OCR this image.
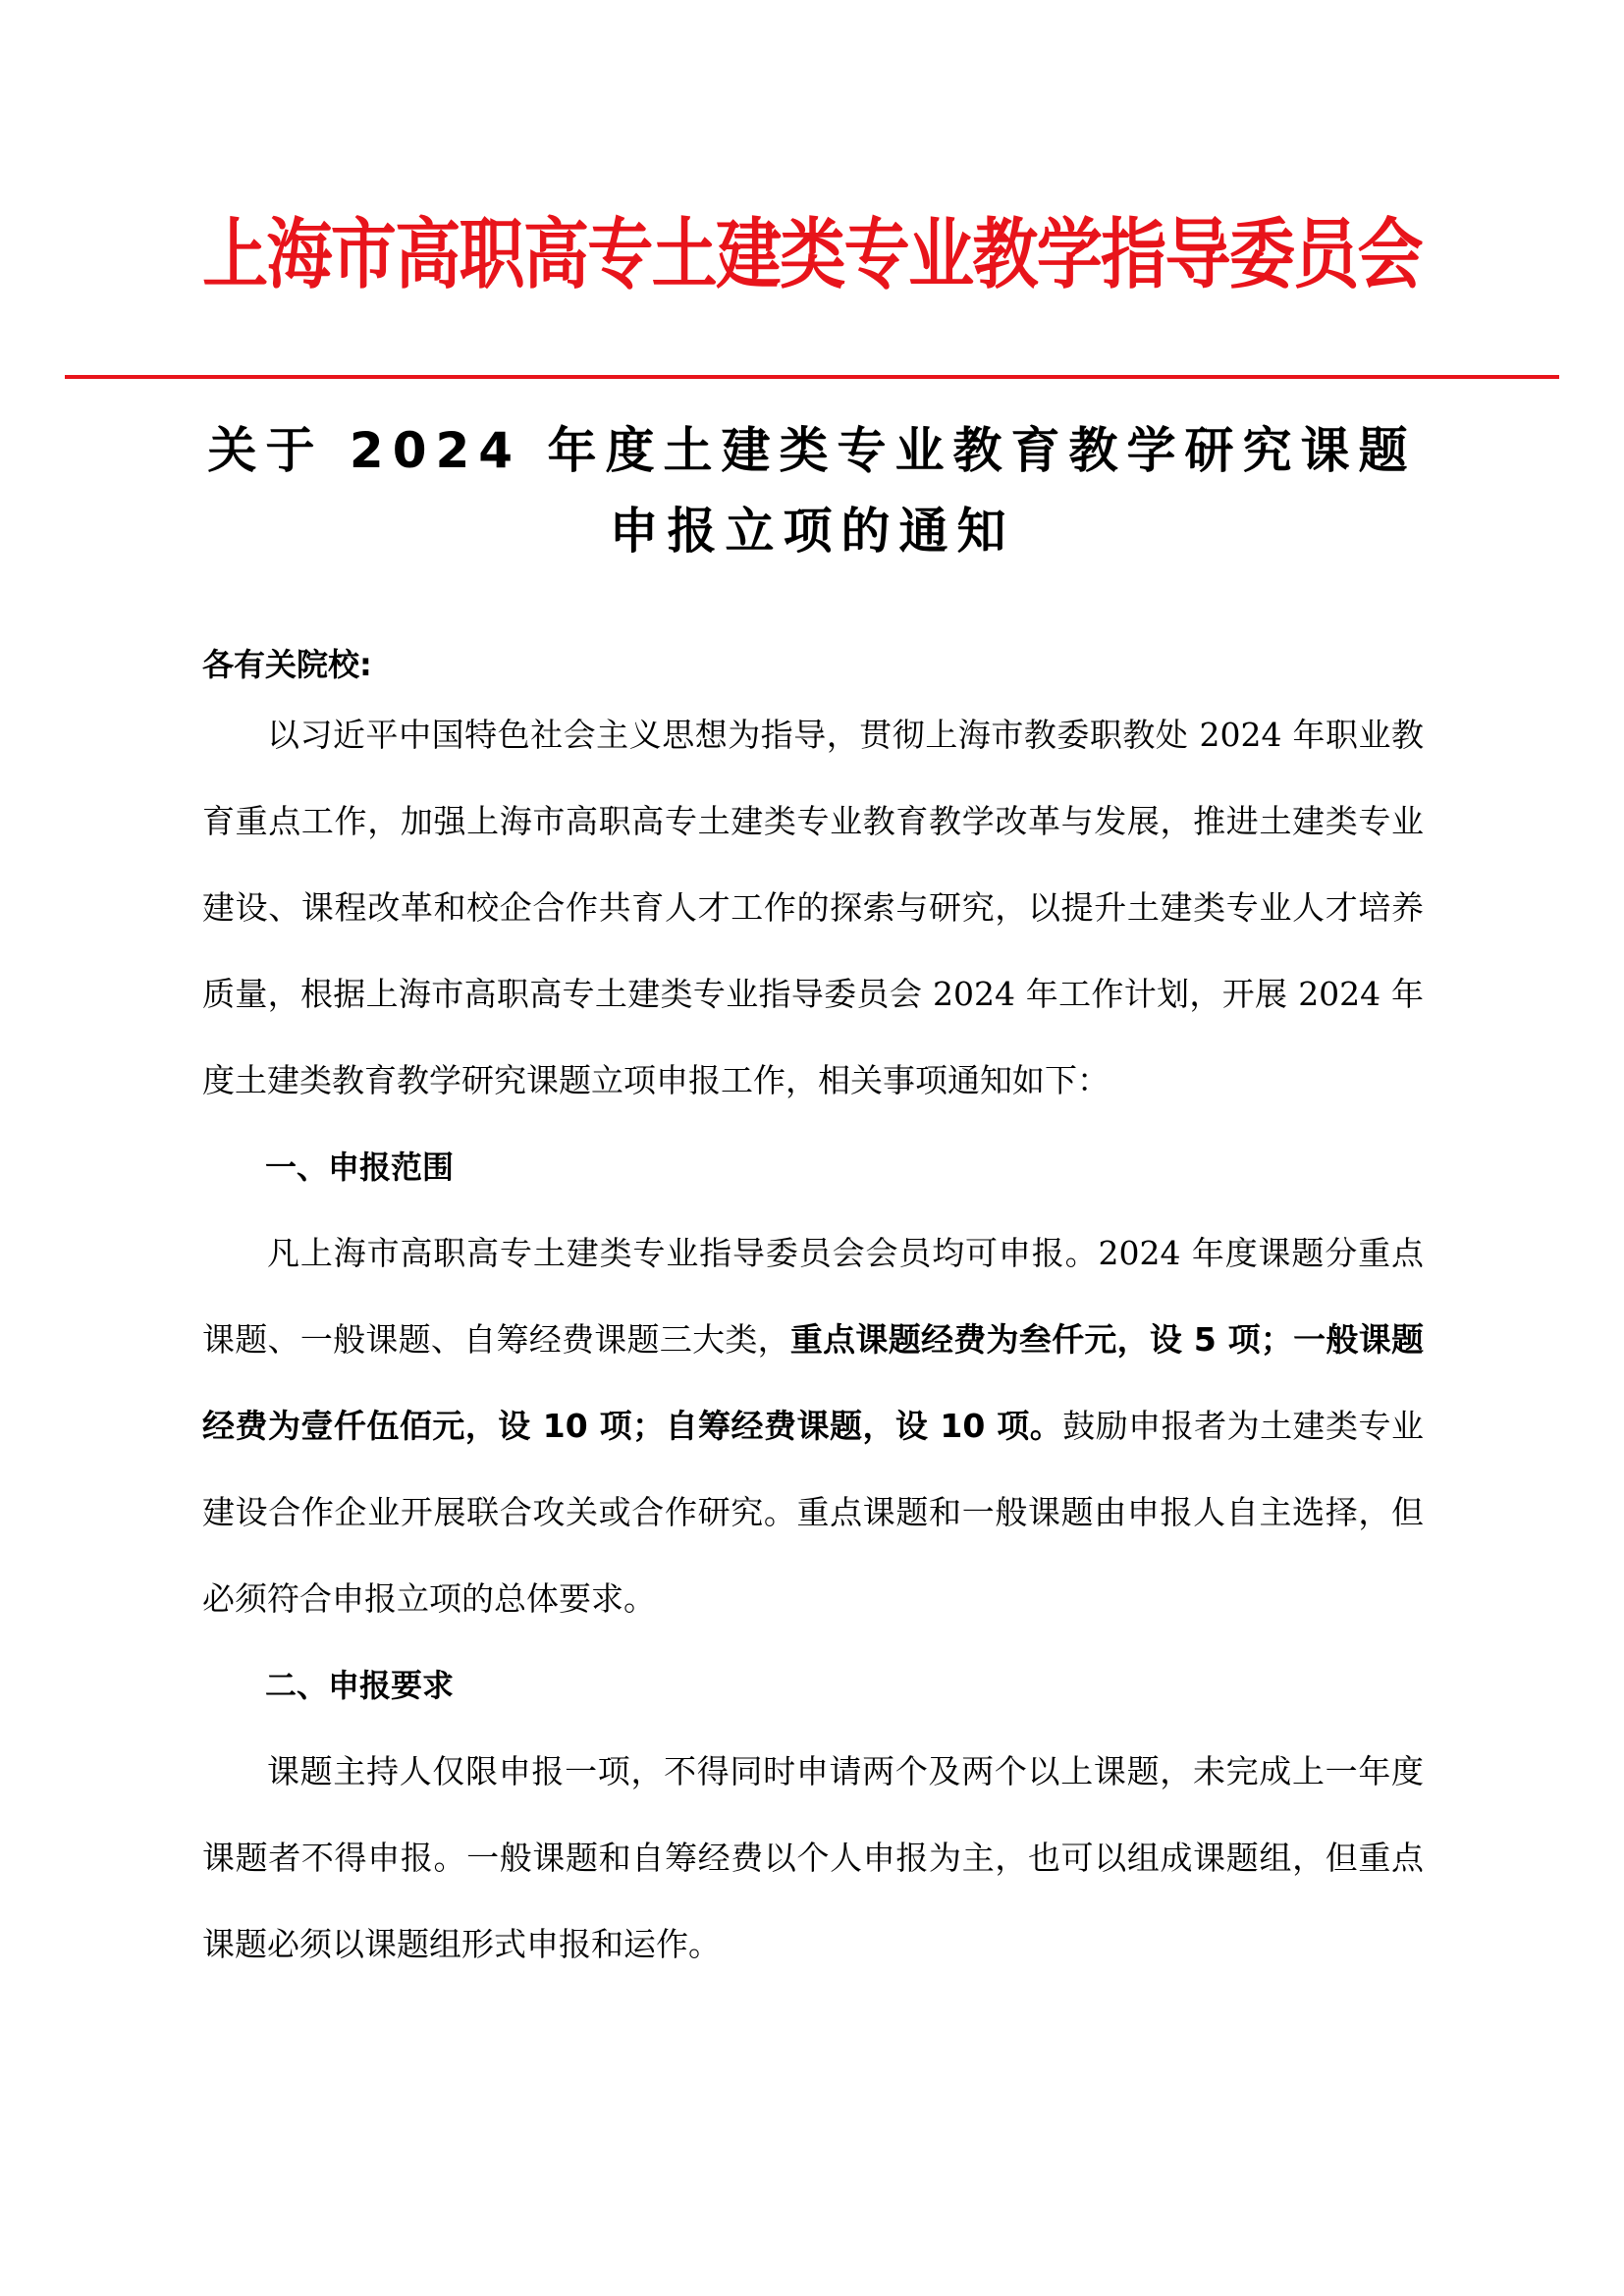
上海市高职高专土建类专业教学指导委员会
关于 2024 年度土建类专业教育教学研究课题申报立项的通知
各有关院校:

以习近平中国特色社会主义思想为指导，贯彻上海市教委职教处 2024 年职业教育重点工作，加强上海市高职高专土建类专业教育教学改革与发展，推进土建类专业建设、课程改革和校企合作共育人才工作的探索与研究，以提升土建类专业人才培养质量，根据上海市高职高专土建类专业指导委员会 2024 年工作计划，开展 2024 年度土建类教育教学研究课题立项申报工作，相关事项通知如下：

一、申报范围

凡上海市高职高专土建类专业指导委员会会员均可申报。2024 年度课题分重点课题、一般课题、自筹经费课题三大类，重点课题经费为叁仟元，设 5 项；一般课题经费为壹仟伍佰元，设 10 项；自筹经费课题，设 10 项。鼓励申报者为土建类专业建设合作企业开展联合攻关或合作研究。重点课题和一般课题由申报人自主选择，但必须符合申报立项的总体要求。

二、申报要求

课题主持人仅限申报一项，不得同时申请两个及两个以上课题，未完成上一年度课题者不得申报。一般课题和自筹经费以个人申报为主，也可以组成课题组，但重点课题必须以课题组形式申报和运作。
